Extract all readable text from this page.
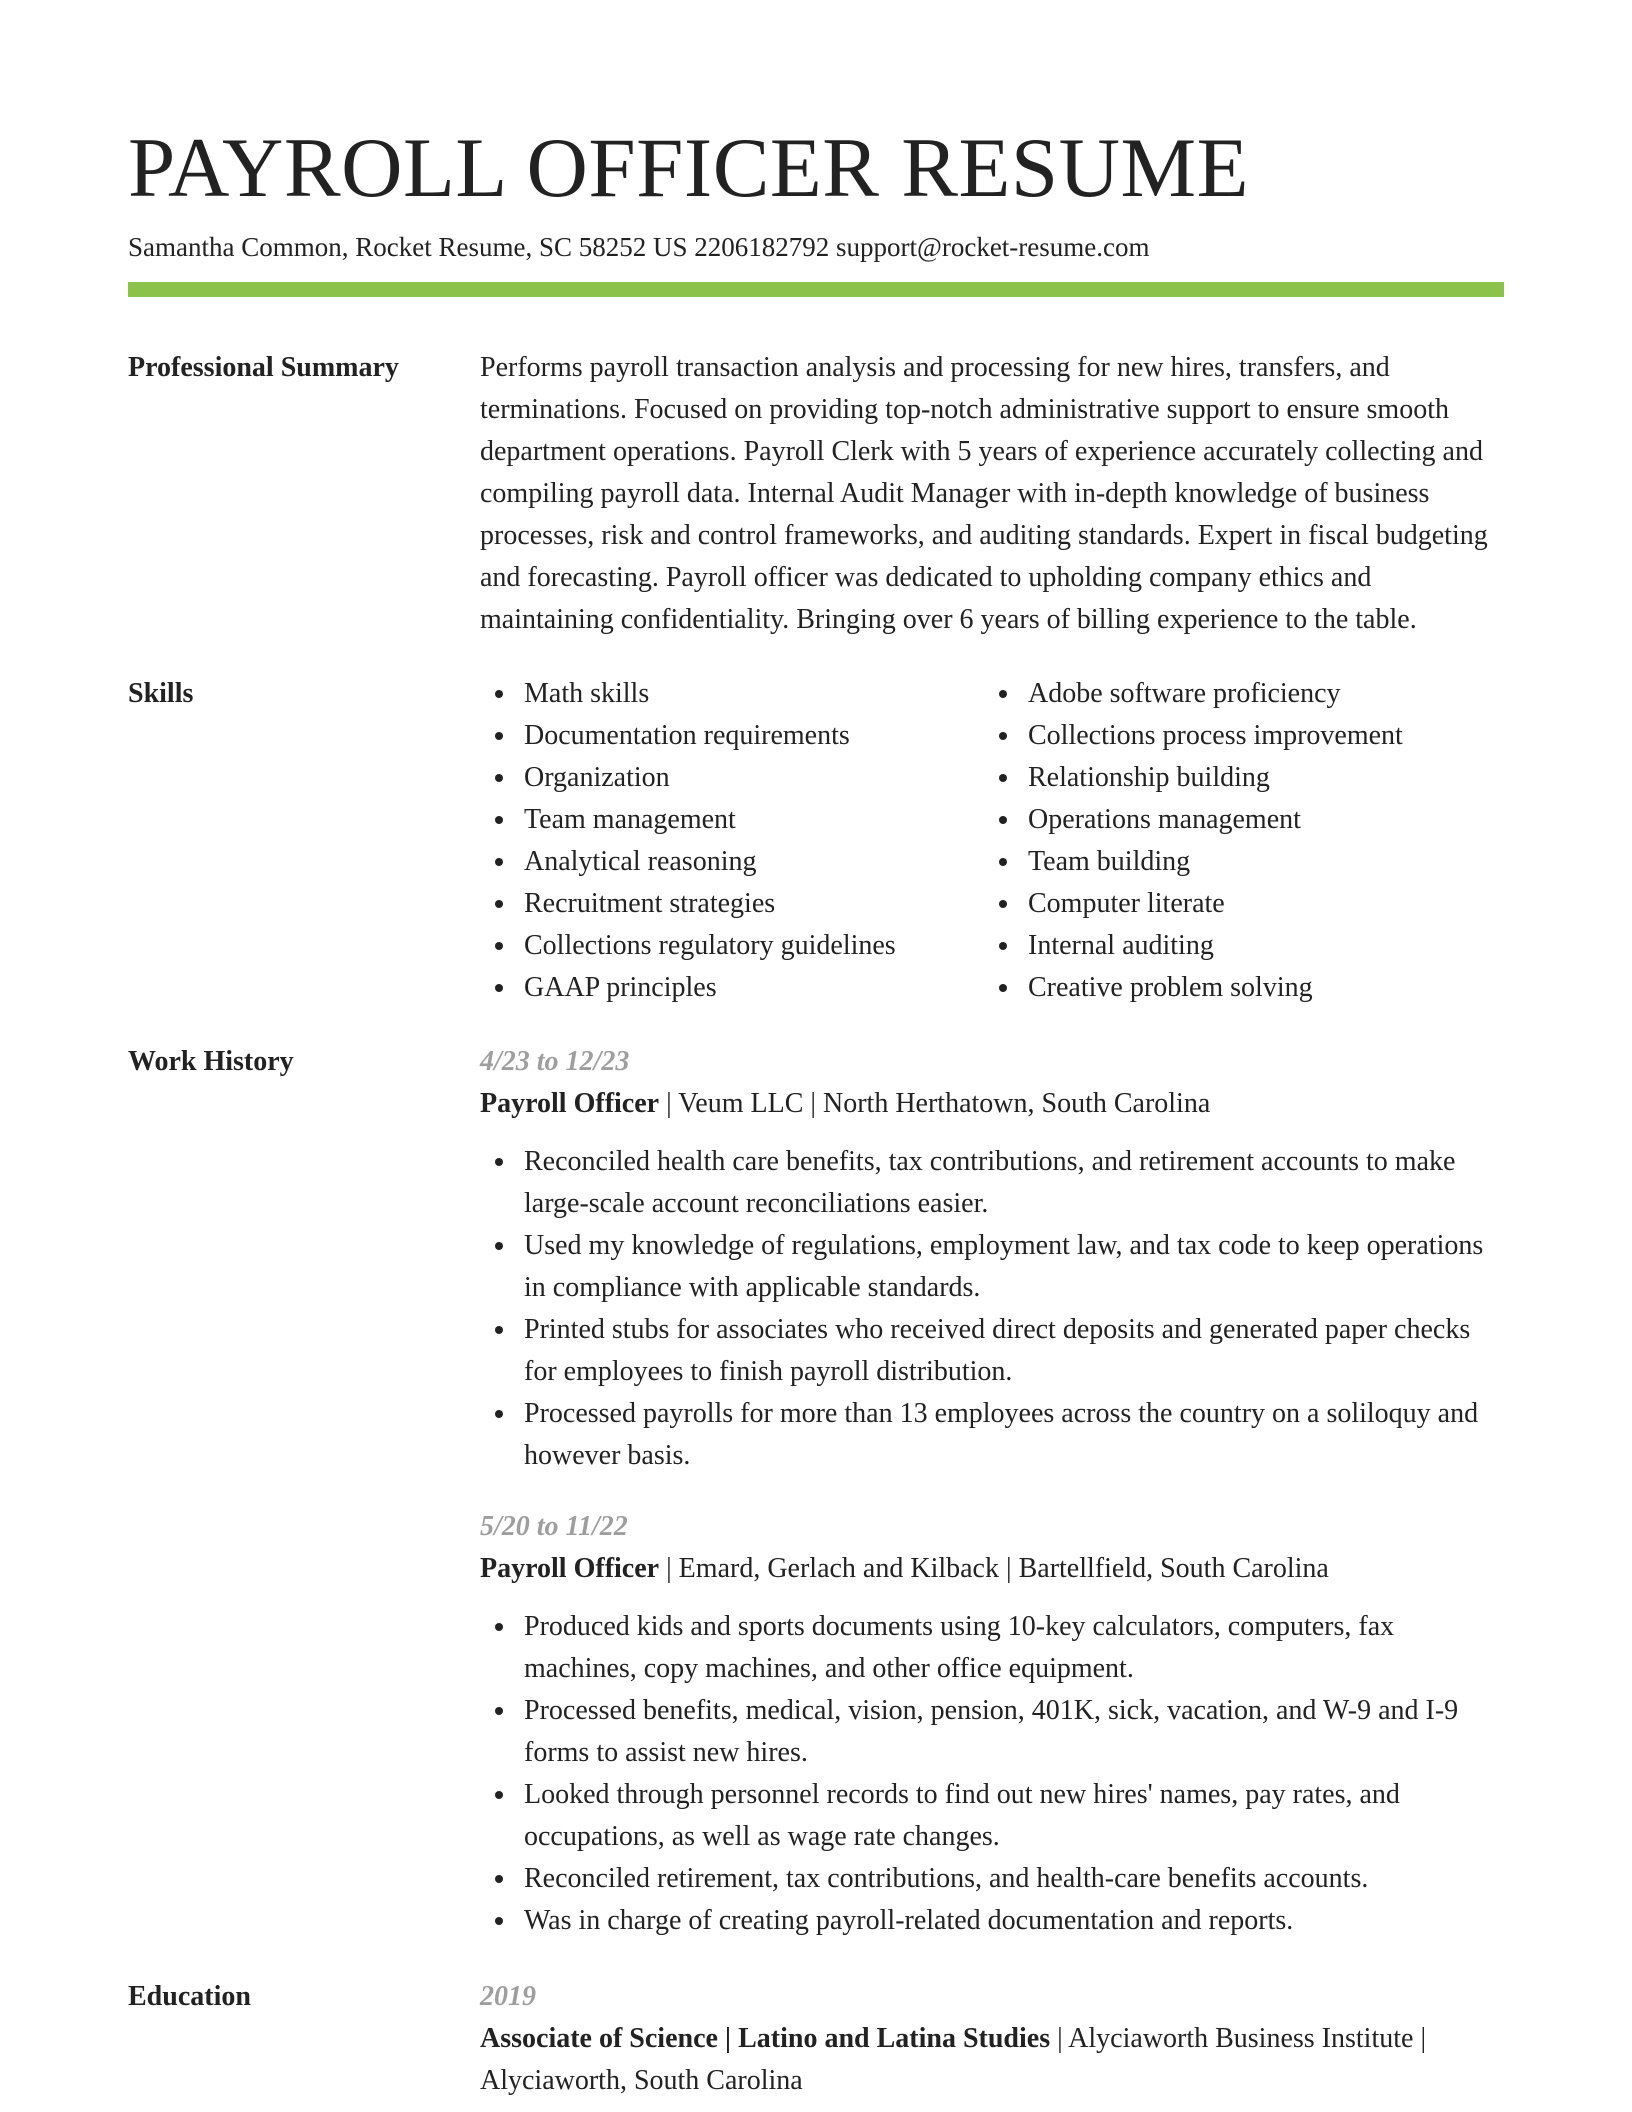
PAYROLL OFFICER RESUME
Samantha Common, Rocket Resume, SC 58252 US 2206182792 support@rocket-resume.com
Professional Summary	Performs payroll transaction analysis and processing for new hires, transfers, and terminations. Focused on providing top-notch administrative support to ensure smooth department operations. Payroll Clerk with 5 years of experience accurately collecting and compiling payroll data. Internal Audit Manager with in-depth knowledge of business processes, risk and control frameworks, and auditing standards. Expert in fiscal budgeting and forecasting. Payroll officer was dedicated to upholding company ethics and maintaining confidentiality. Bringing over 6 years of billing experience to the table.

Skills	Math skills
Documentation requirements
Organization
Team management
Analytical reasoning
Recruitment strategies
Collections regulatory guidelines
GAAP principles
Adobe software proficiency
Collections process improvement
Relationship building
Operations management
Team building
Computer literate
Internal auditing
Creative problem solving
Work History	4/23 to 12/23
Payroll Officer | Veum LLC | North Herthatown, South Carolina
Reconciled health care benefits, tax contributions, and retirement accounts to make large-scale account reconciliations easier.
Used my knowledge of regulations, employment law, and tax code to keep operations in compliance with applicable standards.
Printed stubs for associates who received direct deposits and generated paper checks for employees to finish payroll distribution.
Processed payrolls for more than 13 employees across the country on a soliloquy and however basis.
5/20 to 11/22
Payroll Officer | Emard, Gerlach and Kilback | Bartellfield, South Carolina
Produced kids and sports documents using 10-key calculators, computers, fax machines, copy machines, and other office equipment.
Processed benefits, medical, vision, pension, 401K, sick, vacation, and W-9 and I-9 forms to assist new hires.
Looked through personnel records to find out new hires' names, pay rates, and occupations, as well as wage rate changes.
Reconciled retirement, tax contributions, and health-care benefits accounts.
Was in charge of creating payroll-related documentation and reports.
Education	2019
Associate of Science | Latino and Latina Studies | Alyciaworth Business Institute | Alyciaworth, South Carolina
